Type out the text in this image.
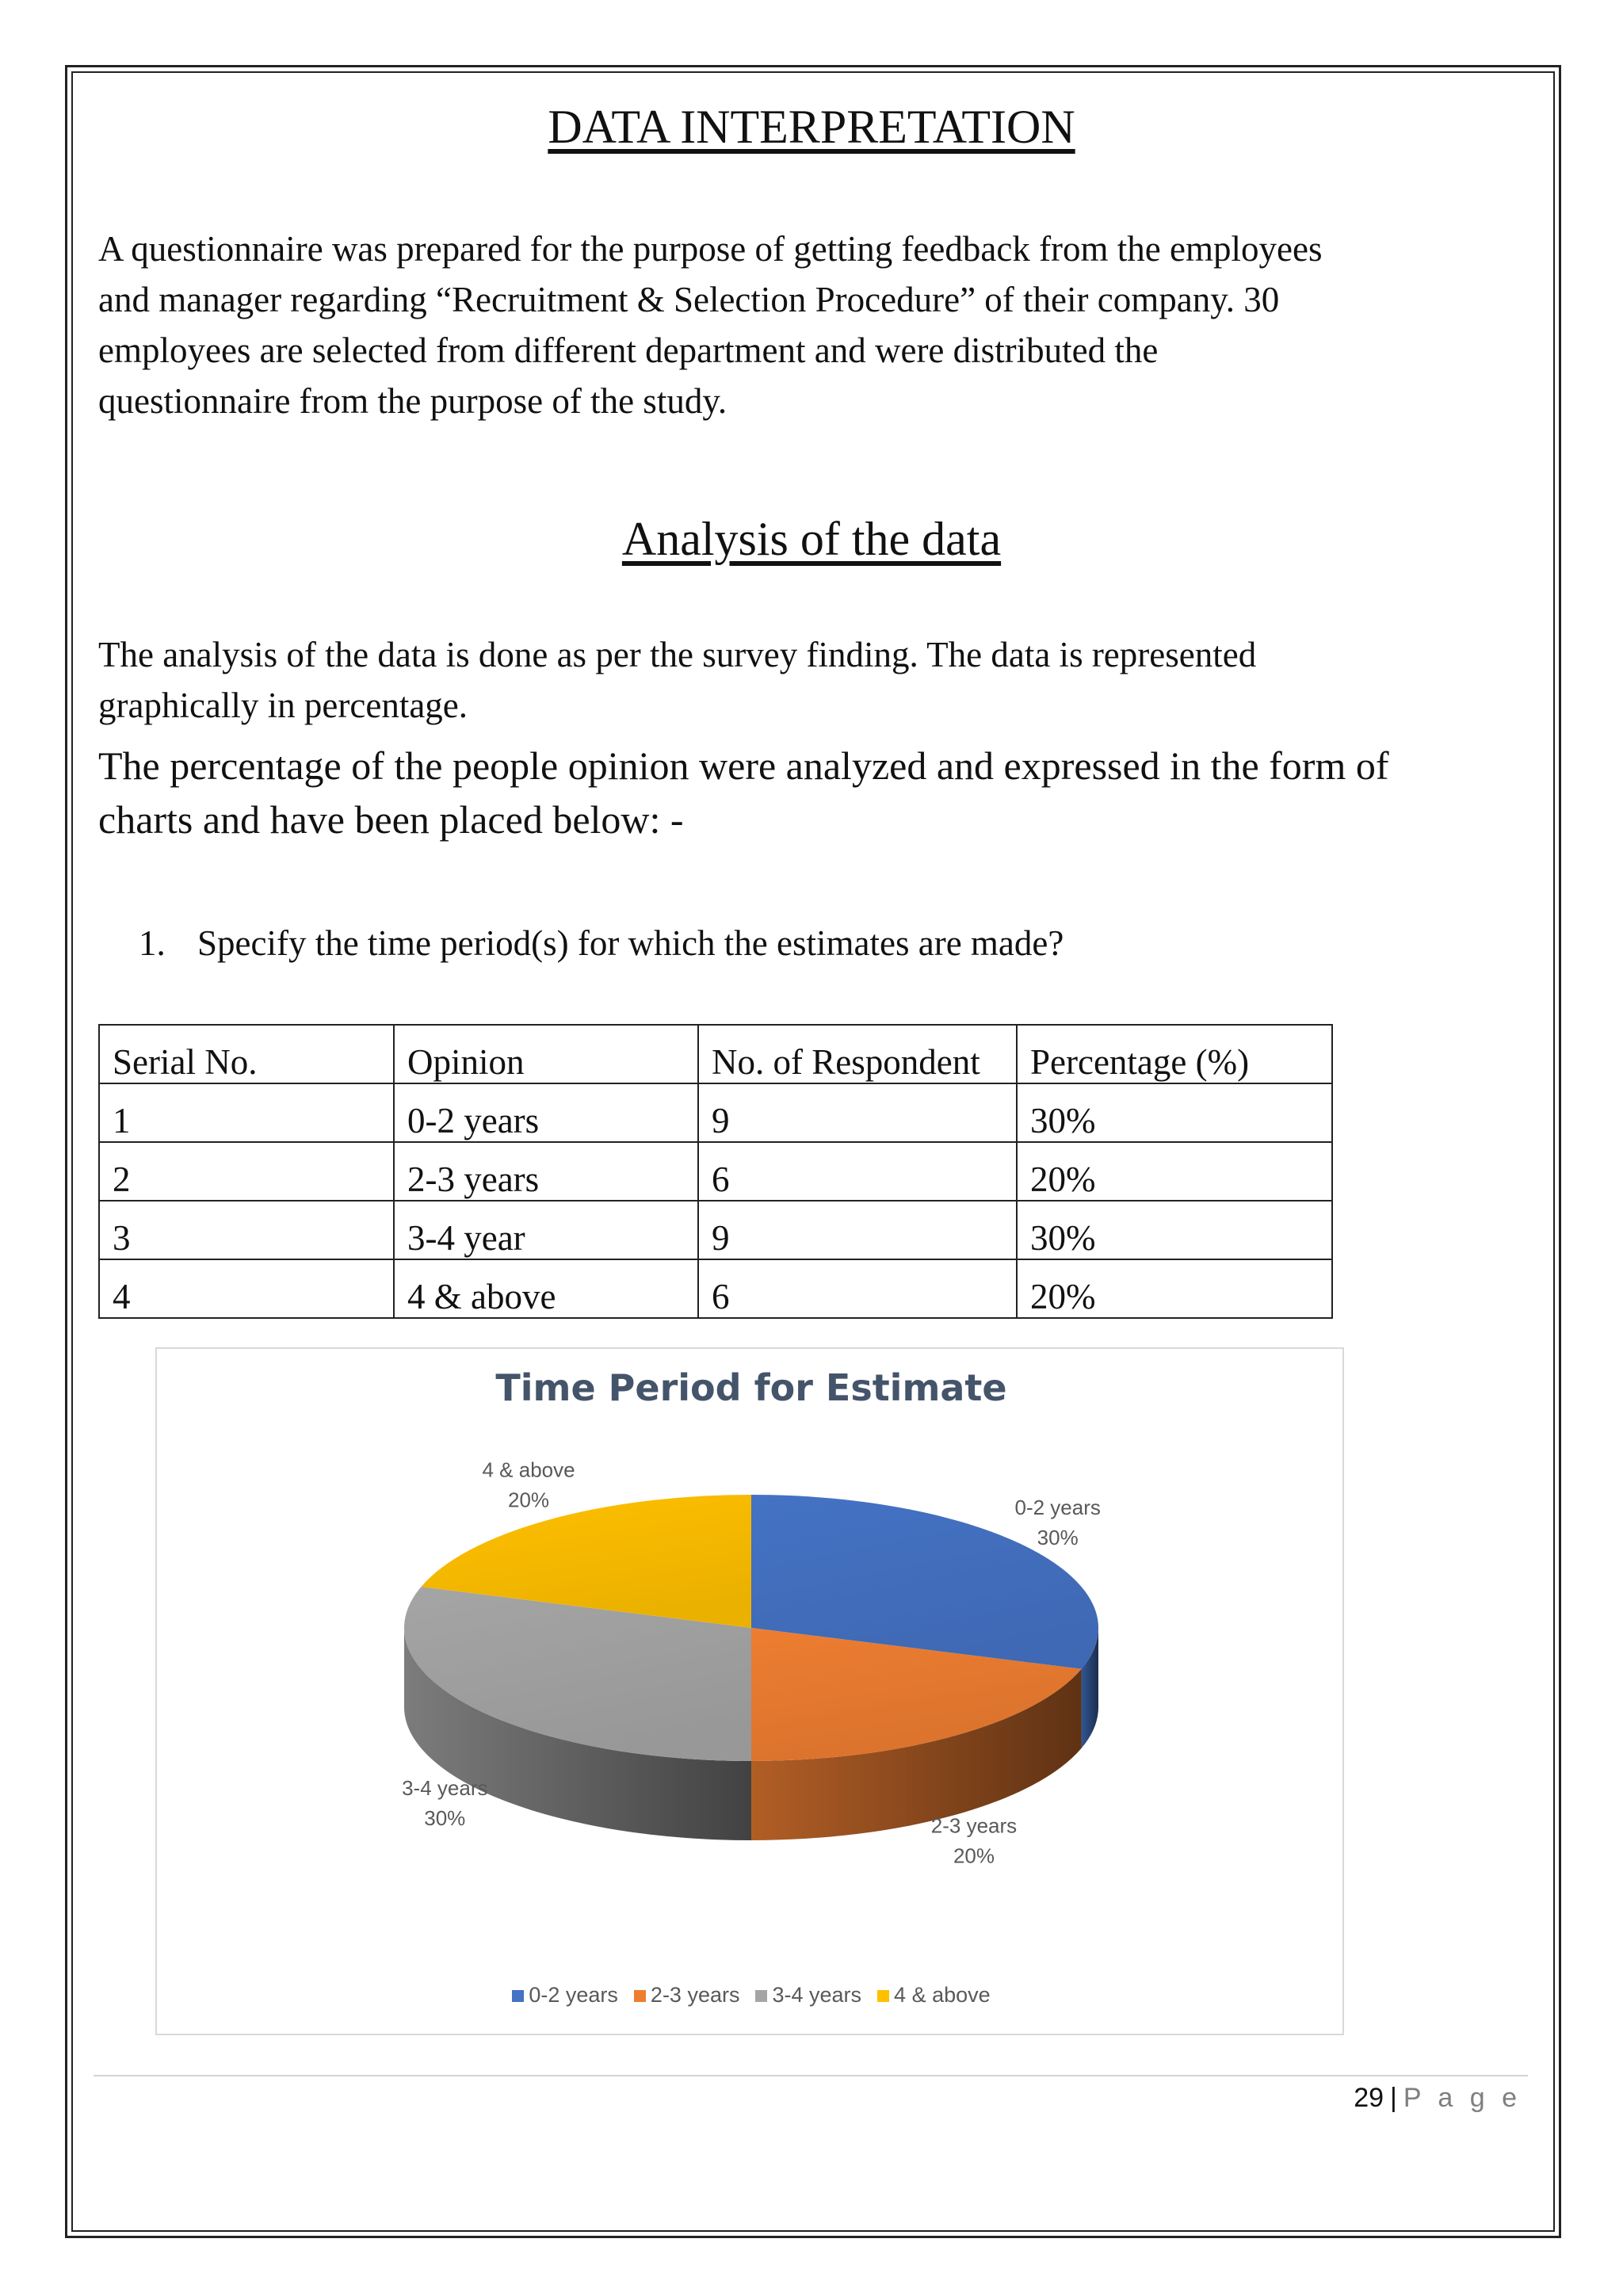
DATA INTERPRETATION
A questionnaire was prepared for the purpose of getting feedback from the employees
and manager regarding “Recruitment & Selection Procedure” of their company. 30
employees are selected from different department and were distributed the
questionnaire from the purpose of the study.
Analysis of the data
The analysis of the data is done as per the survey finding. The data is represented
graphically in percentage.
The percentage of the people opinion were analyzed and expressed in the form of
charts and have been placed below: -
1. Specify the time period(s) for which the estimates are made?
Serial No.	Opinion	No. of Respondent	Percentage (%)
1	0-2 years	9	30%
2	2-3 years	6	20%
3	3-4 year	9	30%
4	4 & above	6	20%
Time Period for Estimate
0-2 years
30%
2-3 years
20%
3-4 years
30%
4 & above
20%
0-2 years 2-3 years 3-4 years 4 & above
29 | P a g e
